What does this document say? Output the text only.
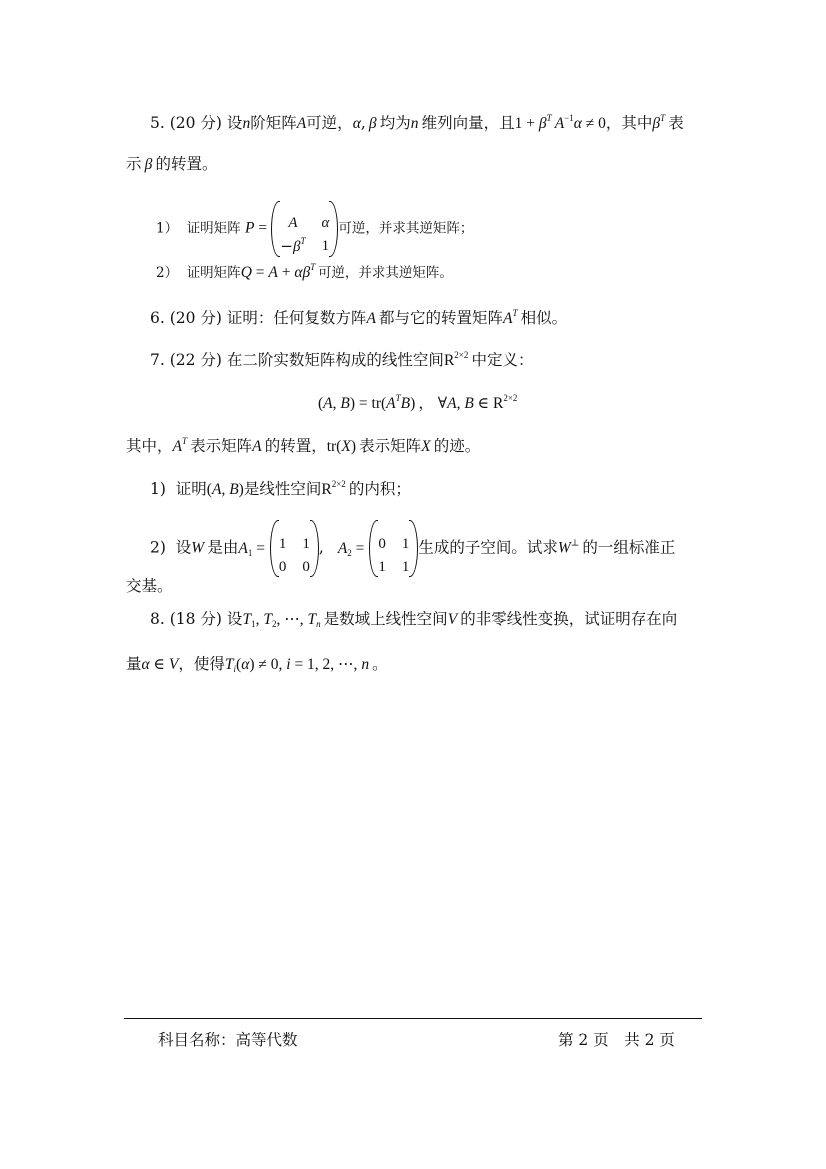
5. (20 分) 设n阶矩阵A可逆，α, β  均为n  维列向量，且$1 + \beta^T$  $A^{-1}\alpha \ne 0$，其中$\beta^T$  表
示  β  的转置。
1） 证明矩阵 P =	A	α
$-\beta^T$ 1
可逆，并求其逆矩阵；
2） 证明矩阵$Q = A + \alpha\beta^T$  可逆，并求其逆矩阵。
6. (20 分) 证明：任何复数方阵A  都与它的转置矩阵$A^T$  相似。
7. (22 分) 在二阶实数矩阵构成的线性空间$R^{2\times 2}$  中定义：
(A, $B) = tr(A^TB)$ ， ∀A, B ∈ $R^{2\times 2}$
其中，$A^T$  表示矩阵A  的转置，tr(X)  表示矩阵X  的迹。
1) 证明(A, B)是线性空间$R^{2\times 2}$  的内积；
2) 设W  是由$A_1 = 1$ 1
0 0
, $A_2 = 0$ 1
1 1
生成的子空间。试求W⊥  的一组标准正
交基。
8. (18 分) 设$T_1$, $T_2$, ⋯, $T_n$  是数域上线性空间V  的非零线性变换，试证明存在向
量α ∈ V，使得$T_i(\alpha) \ne 0$, i = 1, 2, ⋯, n  。
科目名称：高等代数	第 2 页　共 2 页
